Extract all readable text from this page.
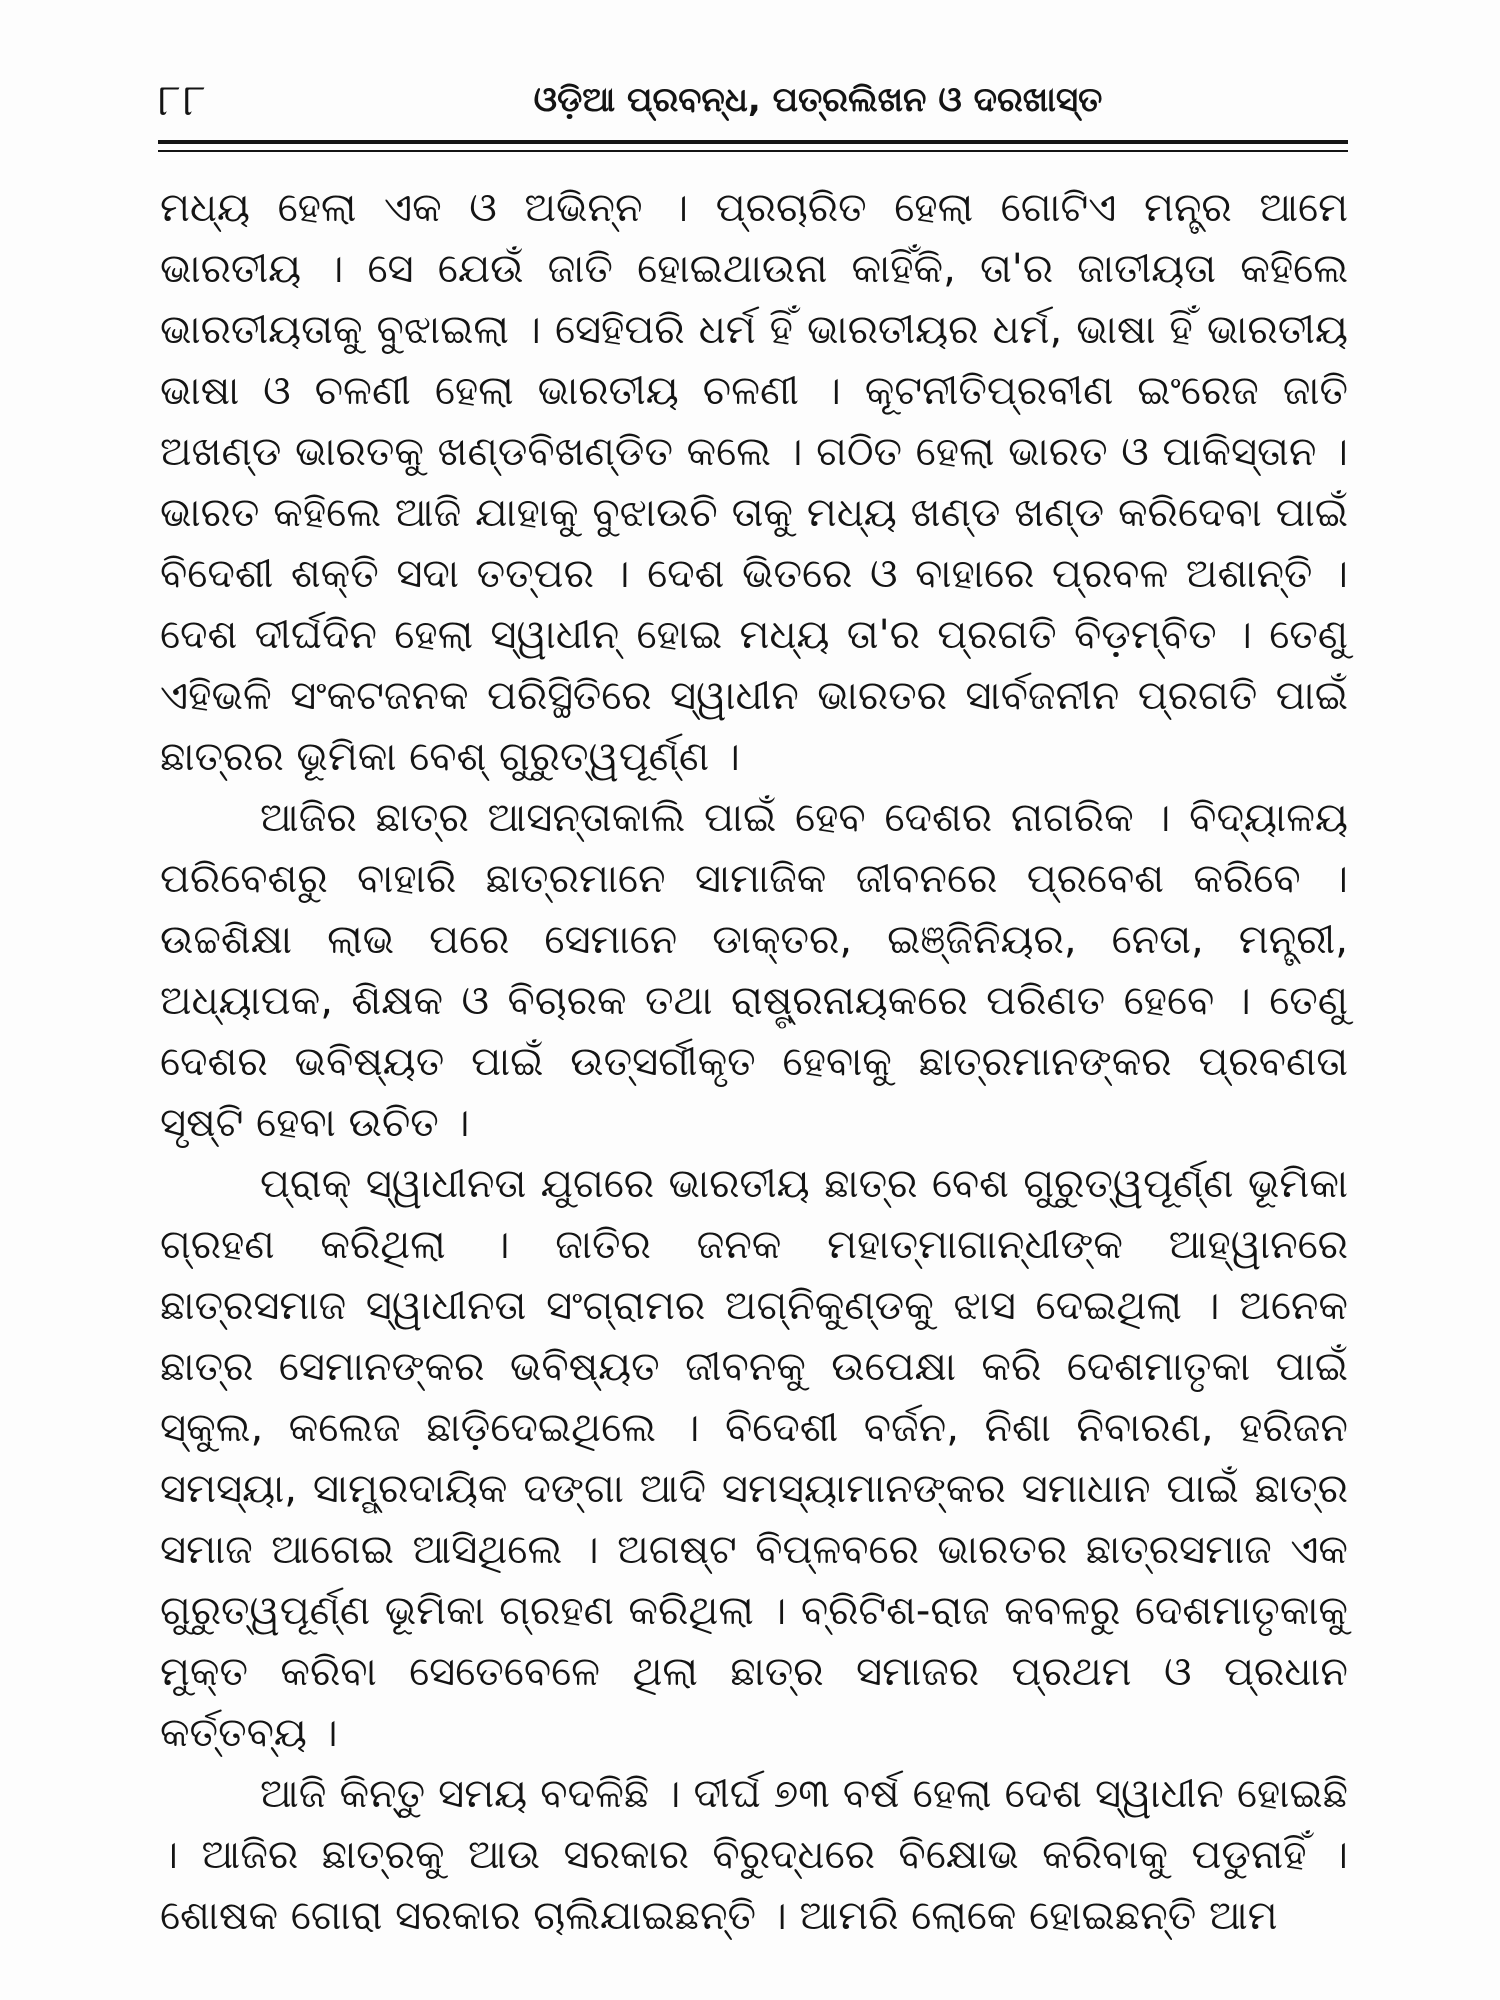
୮୮	ଓଡ଼ିଆ ପ୍ରବନ୍ଧ, ପତ୍ରଲିଖନ ଓ ଦରଖାସ୍ତ

ମଧ୍ୟ ହେଲା ଏକ ଓ ଅଭିନ୍ନ । ପ୍ରଚାରିତ ହେଲା ଗୋଟିଏ ମନ୍ତ୍ର ଆମେ ଭାରତୀୟ । ସେ ଯେଉଁ ଜାତି ହୋଇଥାଉନା କାହିଁକି, ତା'ର ଜାତୀୟତା କହିଲେ ଭାରତୀୟତାକୁ ବୁଝାଇଲା । ସେହିପରି ଧର୍ମ ହିଁ ଭାରତୀୟର ଧର୍ମ, ଭାଷା ହିଁ ଭାରତୀୟ ଭାଷା ଓ ଚଳଣୀ ହେଲା ଭାରତୀୟ ଚଳଣୀ । କୂଟନୀତିପ୍ରବୀଣ ଇଂରେଜ ଜାତି ଅଖଣ୍ଡ ଭାରତକୁ ଖଣ୍ଡବିଖଣ୍ଡିତ କଲେ । ଗଠିତ ହେଲା ଭାରତ ଓ ପାକିସ୍ତାନ । ଭାରତ କହିଲେ ଆଜି ଯାହାକୁ ବୁଝାଉଚି ତାକୁ ମଧ୍ୟ ଖଣ୍ଡ ଖଣ୍ଡ କରିଦେବା ପାଇଁ ବିଦେଶୀ ଶକ୍ତି ସଦା ତତ୍ପର । ଦେଶ ଭିତରେ ଓ ବାହାରେ ପ୍ରବଳ ଅଶାନ୍ତି । ଦେଶ ଦୀର୍ଘଦିନ ହେଲା ସ୍ୱାଧୀନ୍ ହୋଇ ମଧ୍ୟ ତା'ର ପ୍ରଗତି ବିଡ଼ମ୍ବିତ । ତେଣୁ ଏହିଭଳି ସଂକଟଜନକ ପରିସ୍ଥିତିରେ ସ୍ୱାଧୀନ ଭାରତର ସାର୍ବଜନୀନ ପ୍ରଗତି ପାଇଁ ଛାତ୍ରର ଭୂମିକା ବେଶ୍ ଗୁରୁତ୍ୱପୂର୍ଣ୍ଣ ।

ଆଜିର ଛାତ୍ର ଆସନ୍ତାକାଲି ପାଇଁ ହେବ ଦେଶର ନାଗରିକ । ବିଦ୍ୟାଳୟ ପରିବେଶରୁ ବାହାରି ଛାତ୍ରମାନେ ସାମାଜିକ ଜୀବନରେ ପ୍ରବେଶ କରିବେ । ଉଚ୍ଚଶିକ୍ଷା ଲାଭ ପରେ ସେମାନେ ଡାକ୍ତର, ଇଞ୍ଜିନିୟର, ନେତା, ମନ୍ତ୍ରୀ, ଅଧ୍ୟାପକ, ଶିକ୍ଷକ ଓ ବିଚାରକ ତଥା ରାଷ୍ଟ୍ରନାୟକରେ ପରିଣତ ହେବେ । ତେଣୁ ଦେଶର ଭବିଷ୍ୟତ ପାଇଁ ଉତ୍ସର୍ଗୀକୃତ ହେବାକୁ ଛାତ୍ରମାନଙ୍କର ପ୍ରବଣତା ସୃଷ୍ଟି ହେବା ଉଚିତ ।

ପ୍ରାକ୍ ସ୍ୱାଧୀନତା ଯୁଗରେ ଭାରତୀୟ ଛାତ୍ର ବେଶ ଗୁରୁତ୍ୱପୂର୍ଣ୍ଣ ଭୂମିକା ଗ୍ରହଣ କରିଥିଲା । ଜାତିର ଜନକ ମହାତ୍ମାଗାନ୍ଧୀଙ୍କ ଆହ୍ୱାନରେ ଛାତ୍ରସମାଜ ସ୍ୱାଧୀନତା ସଂଗ୍ରାମର ଅଗ୍ନିକୁଣ୍ଡକୁ ଝାସ ଦେଇଥିଲା । ଅନେକ ଛାତ୍ର ସେମାନଙ୍କର ଭବିଷ୍ୟତ ଜୀବନକୁ ଉପେକ୍ଷା କରି ଦେଶମାତୃକା ପାଇଁ ସ୍କୁଲ, କଲେଜ ଛାଡ଼ିଦେଇଥିଲେ । ବିଦେଶୀ ବର୍ଜନ, ନିଶା ନିବାରଣ, ହରିଜନ ସମସ୍ୟା, ସାମ୍ପ୍ରଦାୟିକ ଦଙ୍ଗା ଆଦି ସମସ୍ୟାମାନଙ୍କର ସମାଧାନ ପାଇଁ ଛାତ୍ର ସମାଜ ଆଗେଇ ଆସିଥିଲେ । ଅଗଷ୍ଟ ବିପ୍ଳବରେ ଭାରତର ଛାତ୍ରସମାଜ ଏକ ଗୁରୁତ୍ୱପୂର୍ଣ୍ଣ ଭୂମିକା ଗ୍ରହଣ କରିଥିଲା । ବ୍ରିଟିଶ-ରାଜ କବଳରୁ ଦେଶମାତୃକାକୁ ମୁକ୍ତ କରିବା ସେତେବେଳେ ଥିଲା ଛାତ୍ର ସମାଜର ପ୍ରଥମ ଓ ପ୍ରଧାନ କର୍ତ୍ତବ୍ୟ ।

ଆଜି କିନ୍ତୁ ସମୟ ବଦଳିଛି । ଦୀର୍ଘ ୭୩ ବର୍ଷ ହେଲା ଦେଶ ସ୍ୱାଧୀନ ହୋଇଛି । ଆଜିର ଛାତ୍ରକୁ ଆଉ ସରକାର ବିରୁଦ୍ଧରେ ବିକ୍ଷୋଭ କରିବାକୁ ପଡୁନାହିଁ । ଶୋଷକ ଗୋରା ସରକାର ଚାଲିଯାଇଛନ୍ତି । ଆମରି ଲୋକେ ହୋଇଛନ୍ତି ଆମ
